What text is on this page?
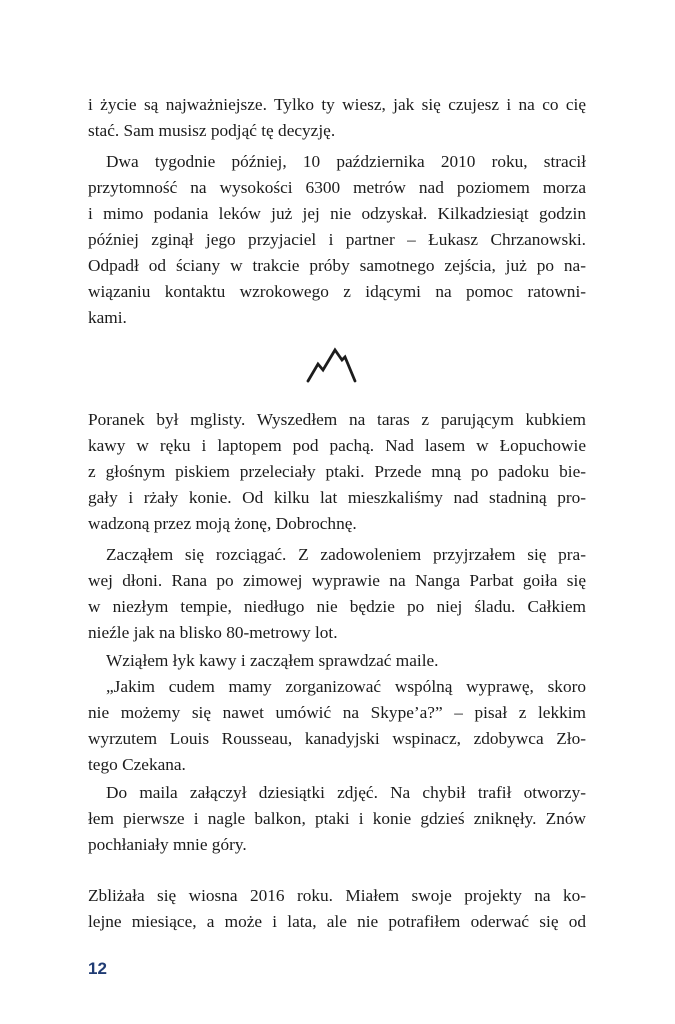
i życie są najważniejsze. Tylko ty wiesz, jak się czujesz i na co cię
stać. Sam musisz podjąć tę decyzję.
Dwa tygodnie później, 10 października 2010 roku, stracił
przytomność na wysokości 6300 metrów nad poziomem morza
i mimo podania leków już jej nie odzyskał. Kilkadziesiąt godzin
później zginął jego przyjaciel i partner – Łukasz Chrzanowski.
Odpadł od ściany w trakcie próby samotnego zejścia, już po na-
wiązaniu kontaktu wzrokowego z idącymi na pomoc ratowni-
kami.
Poranek był mglisty. Wyszedłem na taras z parującym kubkiem
kawy w ręku i laptopem pod pachą. Nad lasem w Łopuchowie
z głośnym piskiem przeleciały ptaki. Przede mną po padoku bie-
gały i rżały konie. Od kilku lat mieszkaliśmy nad stadniną pro-
wadzoną przez moją żonę, Dobrochnę.
Zacząłem się rozciągać. Z zadowoleniem przyjrzałem się pra-
wej dłoni. Rana po zimowej wyprawie na Nanga Parbat goiła się
w niezłym tempie, niedługo nie będzie po niej śladu. Całkiem
nieźle jak na blisko 80-metrowy lot.
Wziąłem łyk kawy i zacząłem sprawdzać maile.
„Jakim cudem mamy zorganizować wspólną wyprawę, skoro
nie możemy się nawet umówić na Skype’a?” – pisał z lekkim
wyrzutem Louis Rousseau, kanadyjski wspinacz, zdobywca Zło-
tego Czekana.
Do maila załączył dziesiątki zdjęć. Na chybił trafił otworzy-
łem pierwsze i nagle balkon, ptaki i konie gdzieś zniknęły. Znów
pochłaniały mnie góry.
Zbliżała się wiosna 2016 roku. Miałem swoje projekty na ko-
lejne miesiące, a może i lata, ale nie potrafiłem oderwać się od
12
